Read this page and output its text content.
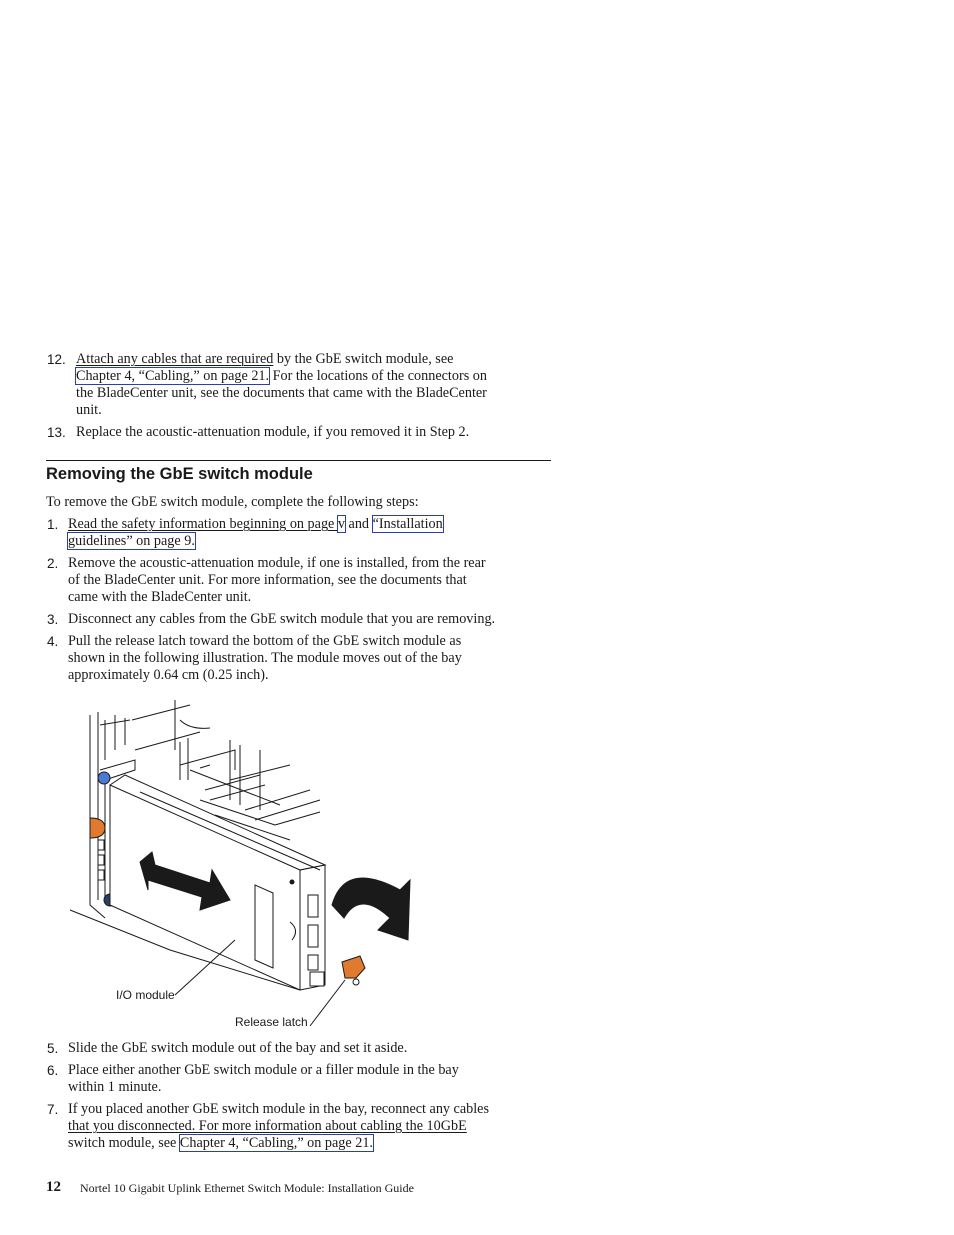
12. Attach any cables that are required by the GbE switch module, see
Chapter 4, “Cabling,” on page 21. For the locations of the connectors on
the BladeCenter unit, see the documents that came with the BladeCenter
unit.
13. Replace the acoustic-attenuation module, if you removed it in Step 2.
Removing the GbE switch module
To remove the GbE switch module, complete the following steps:
1. Read the safety information beginning on page v and “Installation
guidelines” on page 9.
2. Remove the acoustic-attenuation module, if one is installed, from the rear
of the BladeCenter unit. For more information, see the documents that
came with the BladeCenter unit.
3. Disconnect any cables from the GbE switch module that you are removing.
4. Pull the release latch toward the bottom of the GbE switch module as
shown in the following illustration. The module moves out of the bay
approximately 0.64 cm (0.25 inch).
I/O module
Release latch
5. Slide the GbE switch module out of the bay and set it aside.
6. Place either another GbE switch module or a filler module in the bay
within 1 minute.
7. If you placed another GbE switch module in the bay, reconnect any cables
that you disconnected. For more information about cabling the 10GbE
switch module, see Chapter 4, “Cabling,” on page 21.
12 Nortel 10 Gigabit Uplink Ethernet Switch Module: Installation Guide
